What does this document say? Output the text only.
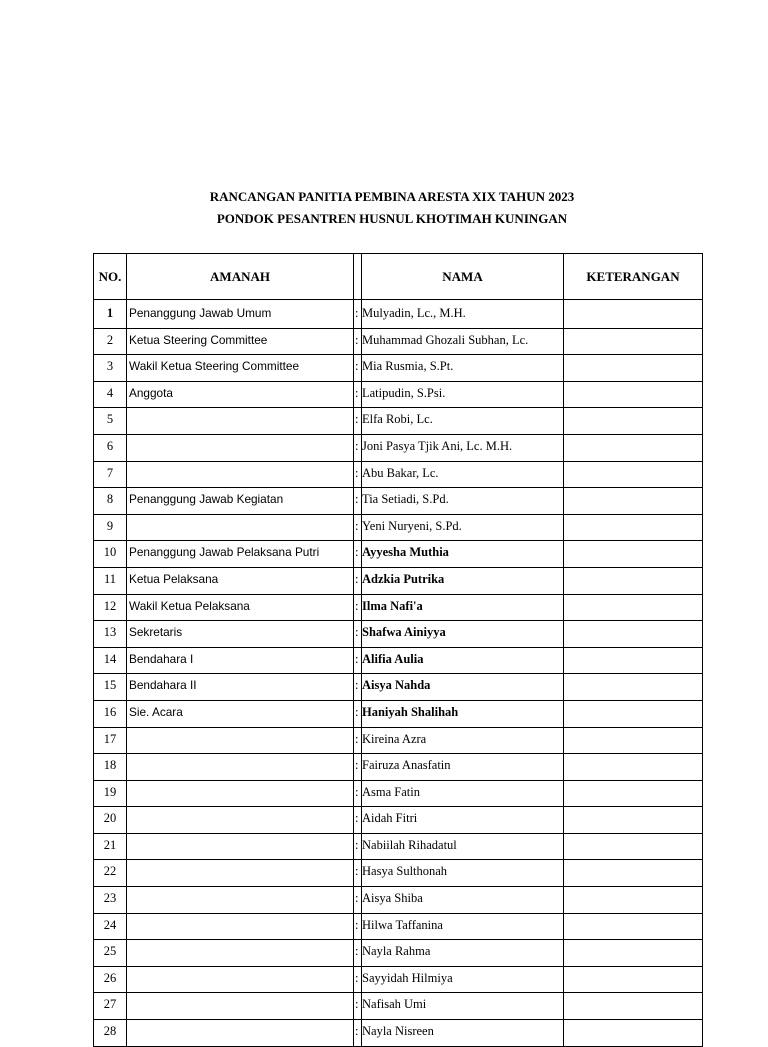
RANCANGAN PANITIA PEMBINA ARESTA XIX TAHUN 2023
PONDOK PESANTREN HUSNUL KHOTIMAH KUNINGAN
NO.	AMANAH		NAMA	KETERANGAN
1	Penanggung Jawab Umum	:	Mulyadin, Lc., M.H.	
2	Ketua Steering Committee	:	Muhammad Ghozali Subhan, Lc.	
3	Wakil Ketua Steering Committee	:	Mia Rusmia, S.Pt.	
4	Anggota	:	Latipudin, S.Psi.	
5		:	Elfa Robi, Lc.	
6		:	Joni Pasya Tjik Ani, Lc. M.H.	
7		:	Abu Bakar, Lc.	
8	Penanggung Jawab Kegiatan	:	Tia Setiadi, S.Pd.	
9		:	Yeni Nuryeni, S.Pd.	
10	Penanggung Jawab Pelaksana Putri	:	Ayyesha Muthia	
11	Ketua Pelaksana	:	Adzkia Putrika	
12	Wakil Ketua Pelaksana	:	Ilma Nafi'a	
13	Sekretaris	:	Shafwa Ainiyya	
14	Bendahara I	:	Alifia Aulia	
15	Bendahara II	:	Aisya Nahda	
16	Sie. Acara	:	Haniyah Shalihah	
17		:	Kireina Azra	
18		:	Fairuza Anasfatin	
19		:	Asma Fatin	
20		:	Aidah Fitri	
21		:	Nabiilah Rihadatul	
22		:	Hasya Sulthonah	
23		:	Aisya Shiba	
24		:	Hilwa Taffanina	
25		:	Nayla Rahma	
26		:	Sayyidah Hilmiya	
27		:	Nafisah Umi	
28		:	Nayla Nisreen	
